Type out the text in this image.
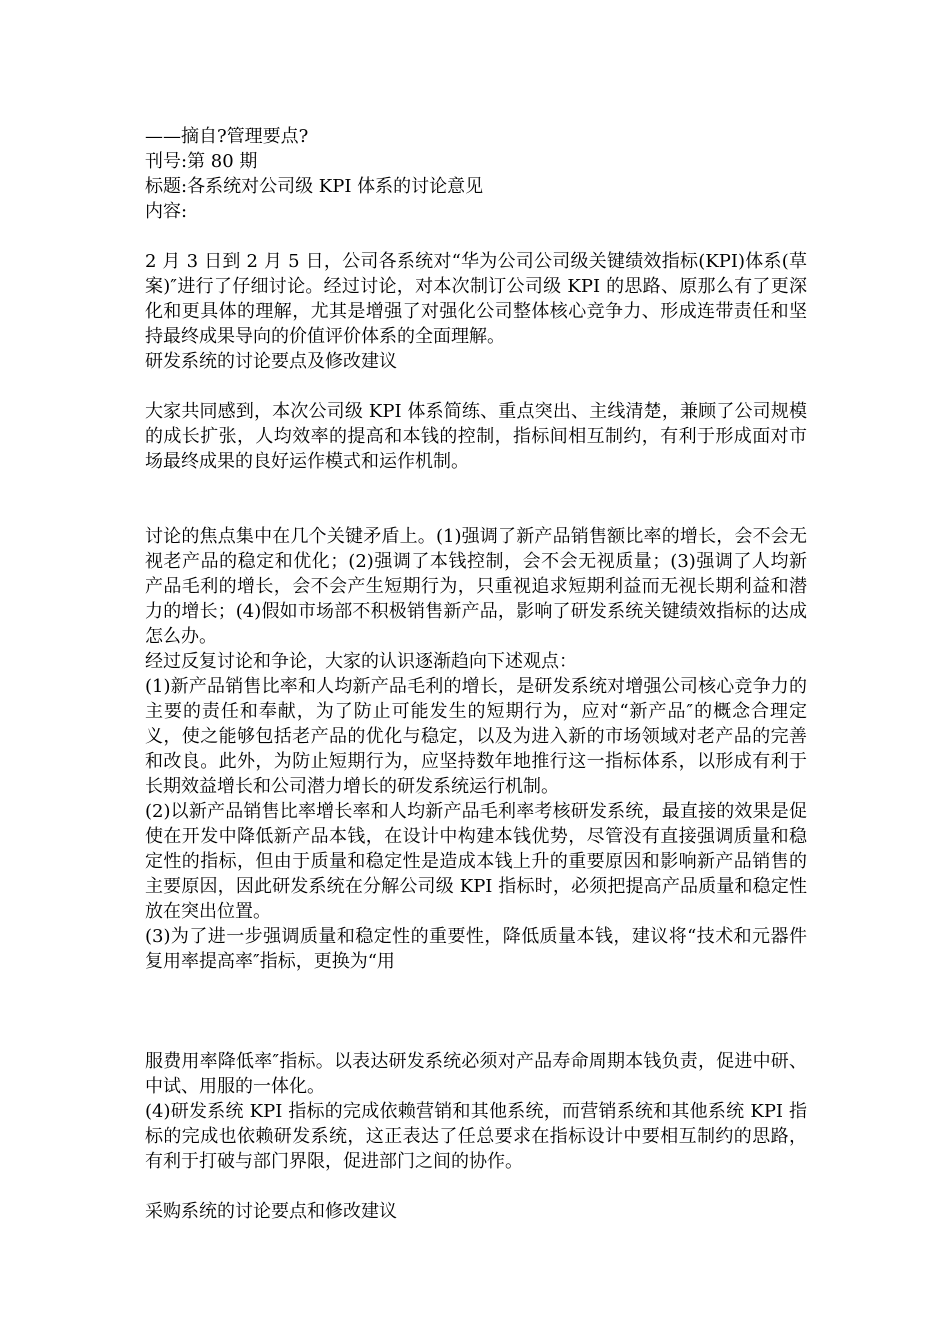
——摘自?管理要点?
刊号:第 80 期
标题:各系统对公司级 KPI 体系的讨论意见
内容:

2 月 3 日到 2 月 5 日，公司各系统对“华为公司公司级关键绩效指标(KPI)体系(草案)″进行了仔细讨论。经过讨论，对本次制订公司级 KPI 的思路、原那么有了更深化和更具体的理解，尤其是增强了对强化公司整体核心竞争力、形成连带责任和坚持最终成果导向的价值评价体系的全面理解。

研发系统的讨论要点及修改建议

大家共同感到，本次公司级 KPI 体系简练、重点突出、主线清楚，兼顾了公司规模的成长扩张，人均效率的提高和本钱的控制，指标间相互制约，有利于形成面对市场最终成果的良好运作模式和运作机制。

讨论的焦点集中在几个关键矛盾上。(1)强调了新产品销售额比率的增长，会不会无视老产品的稳定和优化；(2)强调了本钱控制，会不会无视质量；(3)强调了人均新产品毛利的增长，会不会产生短期行为，只重视追求短期利益而无视长期利益和潜力的增长；(4)假如市场部不积极销售新产品，影响了研发系统关键绩效指标的达成怎么办。

经过反复讨论和争论，大家的认识逐渐趋向下述观点：

(1)新产品销售比率和人均新产品毛利的增长，是研发系统对增强公司核心竞争力的主要的责任和奉献，为了防止可能发生的短期行为，应对“新产品″的概念合理定义，使之能够包括老产品的优化与稳定，以及为进入新的市场领域对老产品的完善和改良。此外，为防止短期行为，应坚持数年地推行这一指标体系，以形成有利于长期效益增长和公司潜力增长的研发系统运行机制。

(2)以新产品销售比率增长率和人均新产品毛利率考核研发系统，最直接的效果是促使在开发中降低新产品本钱，在设计中构建本钱优势，尽管没有直接强调质量和稳定性的指标，但由于质量和稳定性是造成本钱上升的重要原因和影响新产品销售的主要原因，因此研发系统在分解公司级 KPI 指标时，必须把提高产品质量和稳定性放在突出位置。

(3)为了进一步强调质量和稳定性的重要性，降低质量本钱，建议将“技术和元器件复用率提高率″指标，更换为“用

服费用率降低率″指标。以表达研发系统必须对产品寿命周期本钱负责，促进中研、中试、用服的一体化。

(4)研发系统 KPI 指标的完成依赖营销和其他系统，而营销系统和其他系统 KPI 指标的完成也依赖研发系统，这正表达了任总要求在指标设计中要相互制约的思路，有利于打破与部门界限，促进部门之间的协作。

采购系统的讨论要点和修改建议
